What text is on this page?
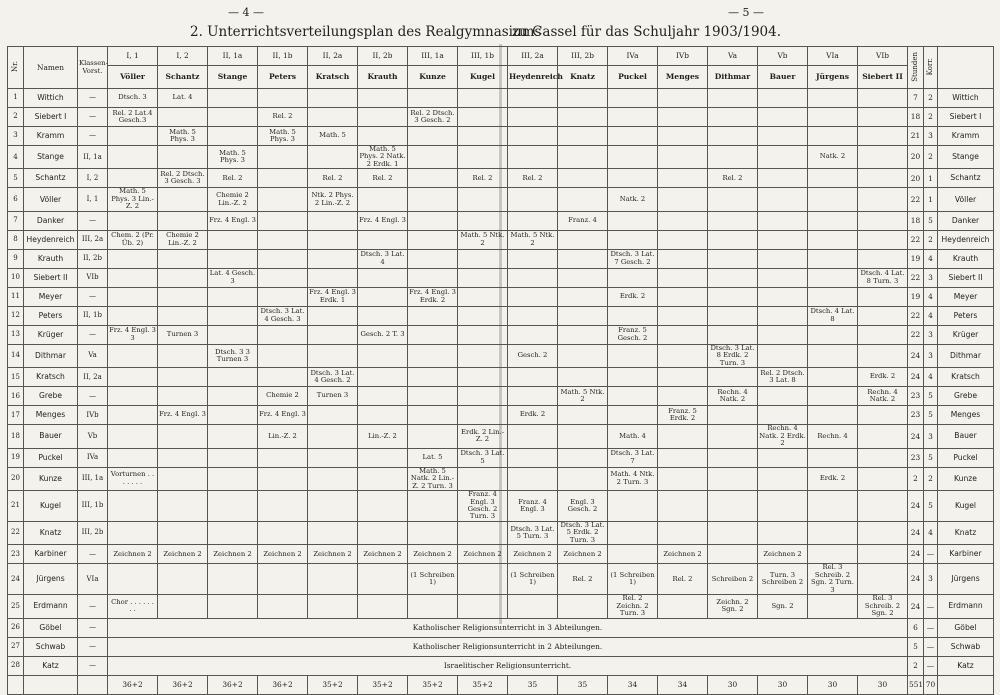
— 4 —	— 5 —
2. Unterrichtsverteilungsplan des Realgymnasiums
zu Cassel für das Schuljahr 1903/1904.
Nr.	Namen	Klassen-Vorst.	I, 1	I, 2	II, 1a	II, 1b	II, 2a	II, 2b	III, 1a	III, 1b	III, 2a	III, 2b	IVa	IVb	Va	Vb	VIa	VIb	Stunden	Korr.	
			Völler	Schantz	Stange	Peters	Kratsch	Krauth	Kunze	Kugel	Heydenreich	Knatz	Puckel	Menges	Dithmar	Bauer	Jürgens	Siebert II			
1	Wittich	—	Dtsch. 3	Lat. 4															7	2	Wittich
2	Siebert I	—	Rel. 2 Lat.4 Gesch.3			Rel. 2			Rel. 2 Dtsch. 3 Gesch. 2										18	2	Siebert I
3	Kramm	—		Math. 5 Phys. 3		Math. 5 Phys. 3	Math. 5												21	3	Kramm
4	Stange	II, 1a			Math. 5 Phys. 3			Math. 5 Phys. 2 Natk. 2 Erdk. 1									Natk. 2		20	2	Stange
5	Schantz	I, 2		Rel. 2 Dtsch. 3 Gesch. 3	Rel. 2		Rel. 2	Rel. 2		Rel. 2	Rel. 2				Rel. 2				20	1	Schantz
6	Völler	I, 1	Math. 5 Phys. 3 Lin.-Z. 2		Chemie 2 Lin.-Z. 2		Ntk. 2 Phys. 2 Lin.-Z. 2						Natk. 2						22	1	Völler
7	Danker	—			Frz. 4 Engl. 3			Frz. 4 Engl. 3				Franz. 4							18	5	Danker
8	Heydenreich	III, 2a	Chem. 2 (Pr. Üb. 2)	Chemie 2 Lin.-Z. 2						Math. 5 Ntk. 2	Math. 5 Ntk. 2								22	2	Heydenreich
9	Krauth	II, 2b						Dtsch. 3 Lat. 4					Dtsch. 3 Lat. 7 Gesch. 2						19	4	Krauth
10	Siebert II	VIb			Lat. 4 Gesch. 3													Dtsch. 4 Lat. 8 Turn. 3	22	3	Siebert II
11	Meyer	—					Frz. 4 Engl. 3 Erdk. 1		Frz. 4 Engl. 3 Erdk. 2				Erdk. 2						19	4	Meyer
12	Peters	II, 1b				Dtsch. 3 Lat. 4 Gesch. 3											Dtsch. 4 Lat. 8		22	4	Peters
13	Krüger	—	Frz. 4 Engl. 3 3	Turnen 3				Gesch. 2 T. 3					Franz. 5 Gesch. 2						22	3	Krüger
14	Dithmar	Va			Dtsch. 3 3 Turnen 3						Gesch. 2				Dtsch. 3 Lat. 8 Erdk. 2 Turn. 3				24	3	Dithmar
15	Kratsch	II, 2a					Dtsch. 3 Lat. 4 Gesch. 2									Rel. 2 Dtsch. 3 Lat. 8		Erdk. 2	24	4	Kratsch
16	Grebe	—				Chemie 2	Turnen 3					Math. 5 Ntk. 2			Rechn. 4 Natk. 2			Rechn. 4 Natk. 2	23	5	Grebe
17	Menges	IVb		Frz. 4 Engl. 3		Frz. 4 Engl. 3					Erdk. 2			Franz. 5 Erdk. 2					23	5	Menges
18	Bauer	Vb				Lin.-Z. 2		Lin.-Z. 2		Erdk. 2 Lin.-Z. 2			Math. 4			Rechn. 4 Natk. 2 Erdk. 2	Rechn. 4		24	3	Bauer
19	Puckel	IVa							Lat. 5	Dtsch. 3 Lat. 5			Dtsch. 3 Lat. 7						23	5	Puckel
20	Kunze	III, 1a	Vorturnen . . . . . . .						Math. 5 Natk. 2 Lin.-Z. 2 Turn. 3				Math. 4 Ntk. 2 Turn. 3				Erdk. 2		2	2	Kunze
21	Kugel	III, 1b								Franz. 4 Engl. 3 Gesch. 2 Turn. 3	Franz. 4 Engl. 3	Engl. 3 Gesch. 2							24	5	Kugel
22	Knatz	III, 2b									Dtsch. 3 Lat. 5 Turn. 3	Dtsch. 3 Lat. 5 Erdk. 2 Turn. 3							24	4	Knatz
23	Karbiner	—	Zeichnen 2	Zeichnen 2	Zeichnen 2	Zeichnen 2	Zeichnen 2	Zeichnen 2	Zeichnen 2	Zeichnen 2	Zeichnen 2	Zeichnen 2		Zeichnen 2		Zeichnen 2			24	—	Karbiner
24	Jürgens	VIa							(1 Schreiben 1)		(1 Schreiben 1)	Rel. 2	(1 Schreiben 1)	Rel. 2	Schreiben 2	Turn. 3 Schreiben 2	Rel. 3 Schreib. 2 Sgn. 2 Turn. 3		24	3	Jürgens
25	Erdmann	—	Chor . . . . . . . .										Rel. 2 Zeichn. 2 Turn. 3		Zeichn. 2 Sgn. 2	Sgn. 2		Rel. 3 Schreib. 2 Sgn. 2	24	—	Erdmann
26	Göbel	—	Katholischer Religionsunterricht in 3 Abteilungen.																6	—	Göbel
27	Schwab	—	Katholischer Religionsunterricht in 2 Abteilungen.																5	—	Schwab
28	Katz	—	Israelitischer Religionsunterricht.																2	—	Katz
			36+2	36+2	36+2	36+2	35+2	35+2	35+2	35+2	35	35	34	34	30	30	30	30	551	70	
